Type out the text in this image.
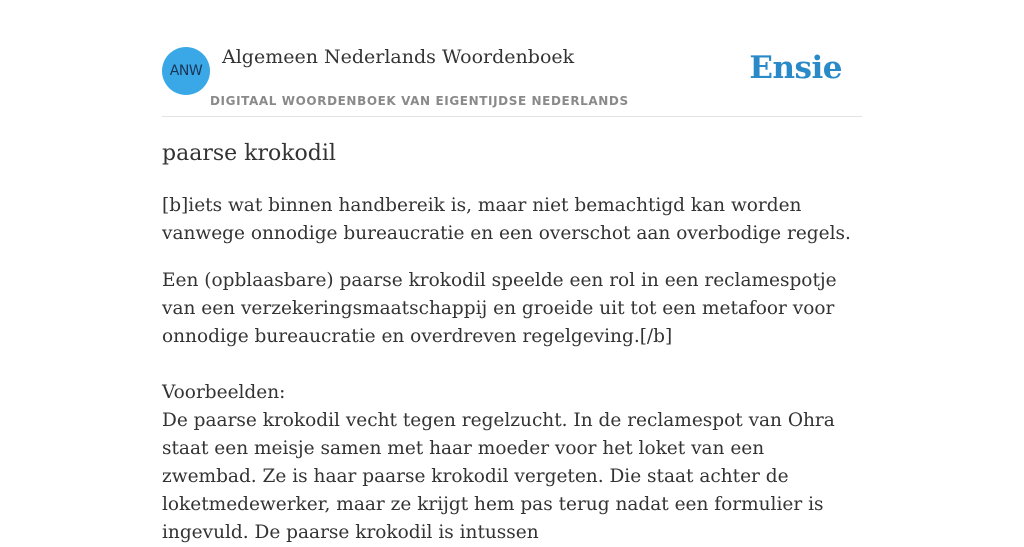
ANW
Algemeen Nederlands Woordenboek
DIGITAAL WOORDENBOEK VAN EIGENTIJDSE NEDERLANDS
Ensie
paarse krokodil

[b]iets wat binnen handbereik is, maar niet bemachtigd kan worden vanwege onnodige bureaucratie en een overschot aan overbodige regels.

Een (opblaasbare) paarse krokodil speelde een rol in een reclamespotje van een verzekeringsmaatschappij en groeide uit tot een metafoor voor onnodige bureaucratie en overdreven regelgeving.[/b]

Voorbeelden:

De paarse krokodil vecht tegen regelzucht. In de reclamespot van Ohra staat een meisje samen met haar moeder voor het loket van een zwembad. Ze is haar paarse krokodil vergeten. Die staat achter de loketmedewerker, maar ze krijgt hem pas terug nadat een formulier is ingevuld. De paarse krokodil is intussen
